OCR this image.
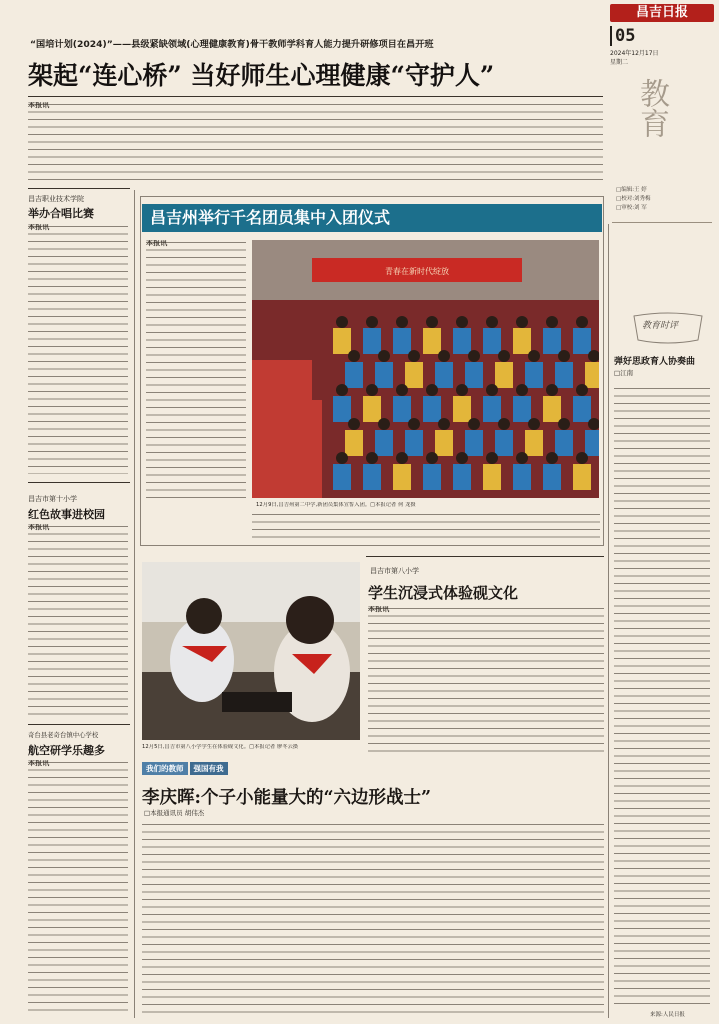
昌吉日报
05
2024年12月17日
星期二
“国培计划(2024)”——县级紧缺领域(心理健康教育)骨干教师学科育人能力提升研修项目在昌开班
架起“连心桥” 当好师生心理健康“守护人”
本报讯	教育
□编辑:王 婷
□校对:刘秀梅
□审校:刘 军
昌吉职业技术学院
举办合唱比赛
本报讯
昌吉市第十小学
红色故事进校园
本报讯
奇台县老奇台镇中心学校
航空研学乐趣多
本报讯
昌吉州举行千名团员集中入团仪式
本报讯
青春在新时代绽放
12月9日,昌吉州第二中学,新团员集体宣誓入团。□本报记者 何 龙摄
12月5日,昌吉市第八小学学生在体验砚文化。□本报记者 廖冬云摄
昌吉市第八小学
学生沉浸式体验砚文化
本报讯
我们的教师	强国有我
李庆晖:个子小能量大的“六边形战士”
□本报通讯员 胡伟杰
教育时评
弹好思政育人协奏曲
□江南
来源:人民日报
